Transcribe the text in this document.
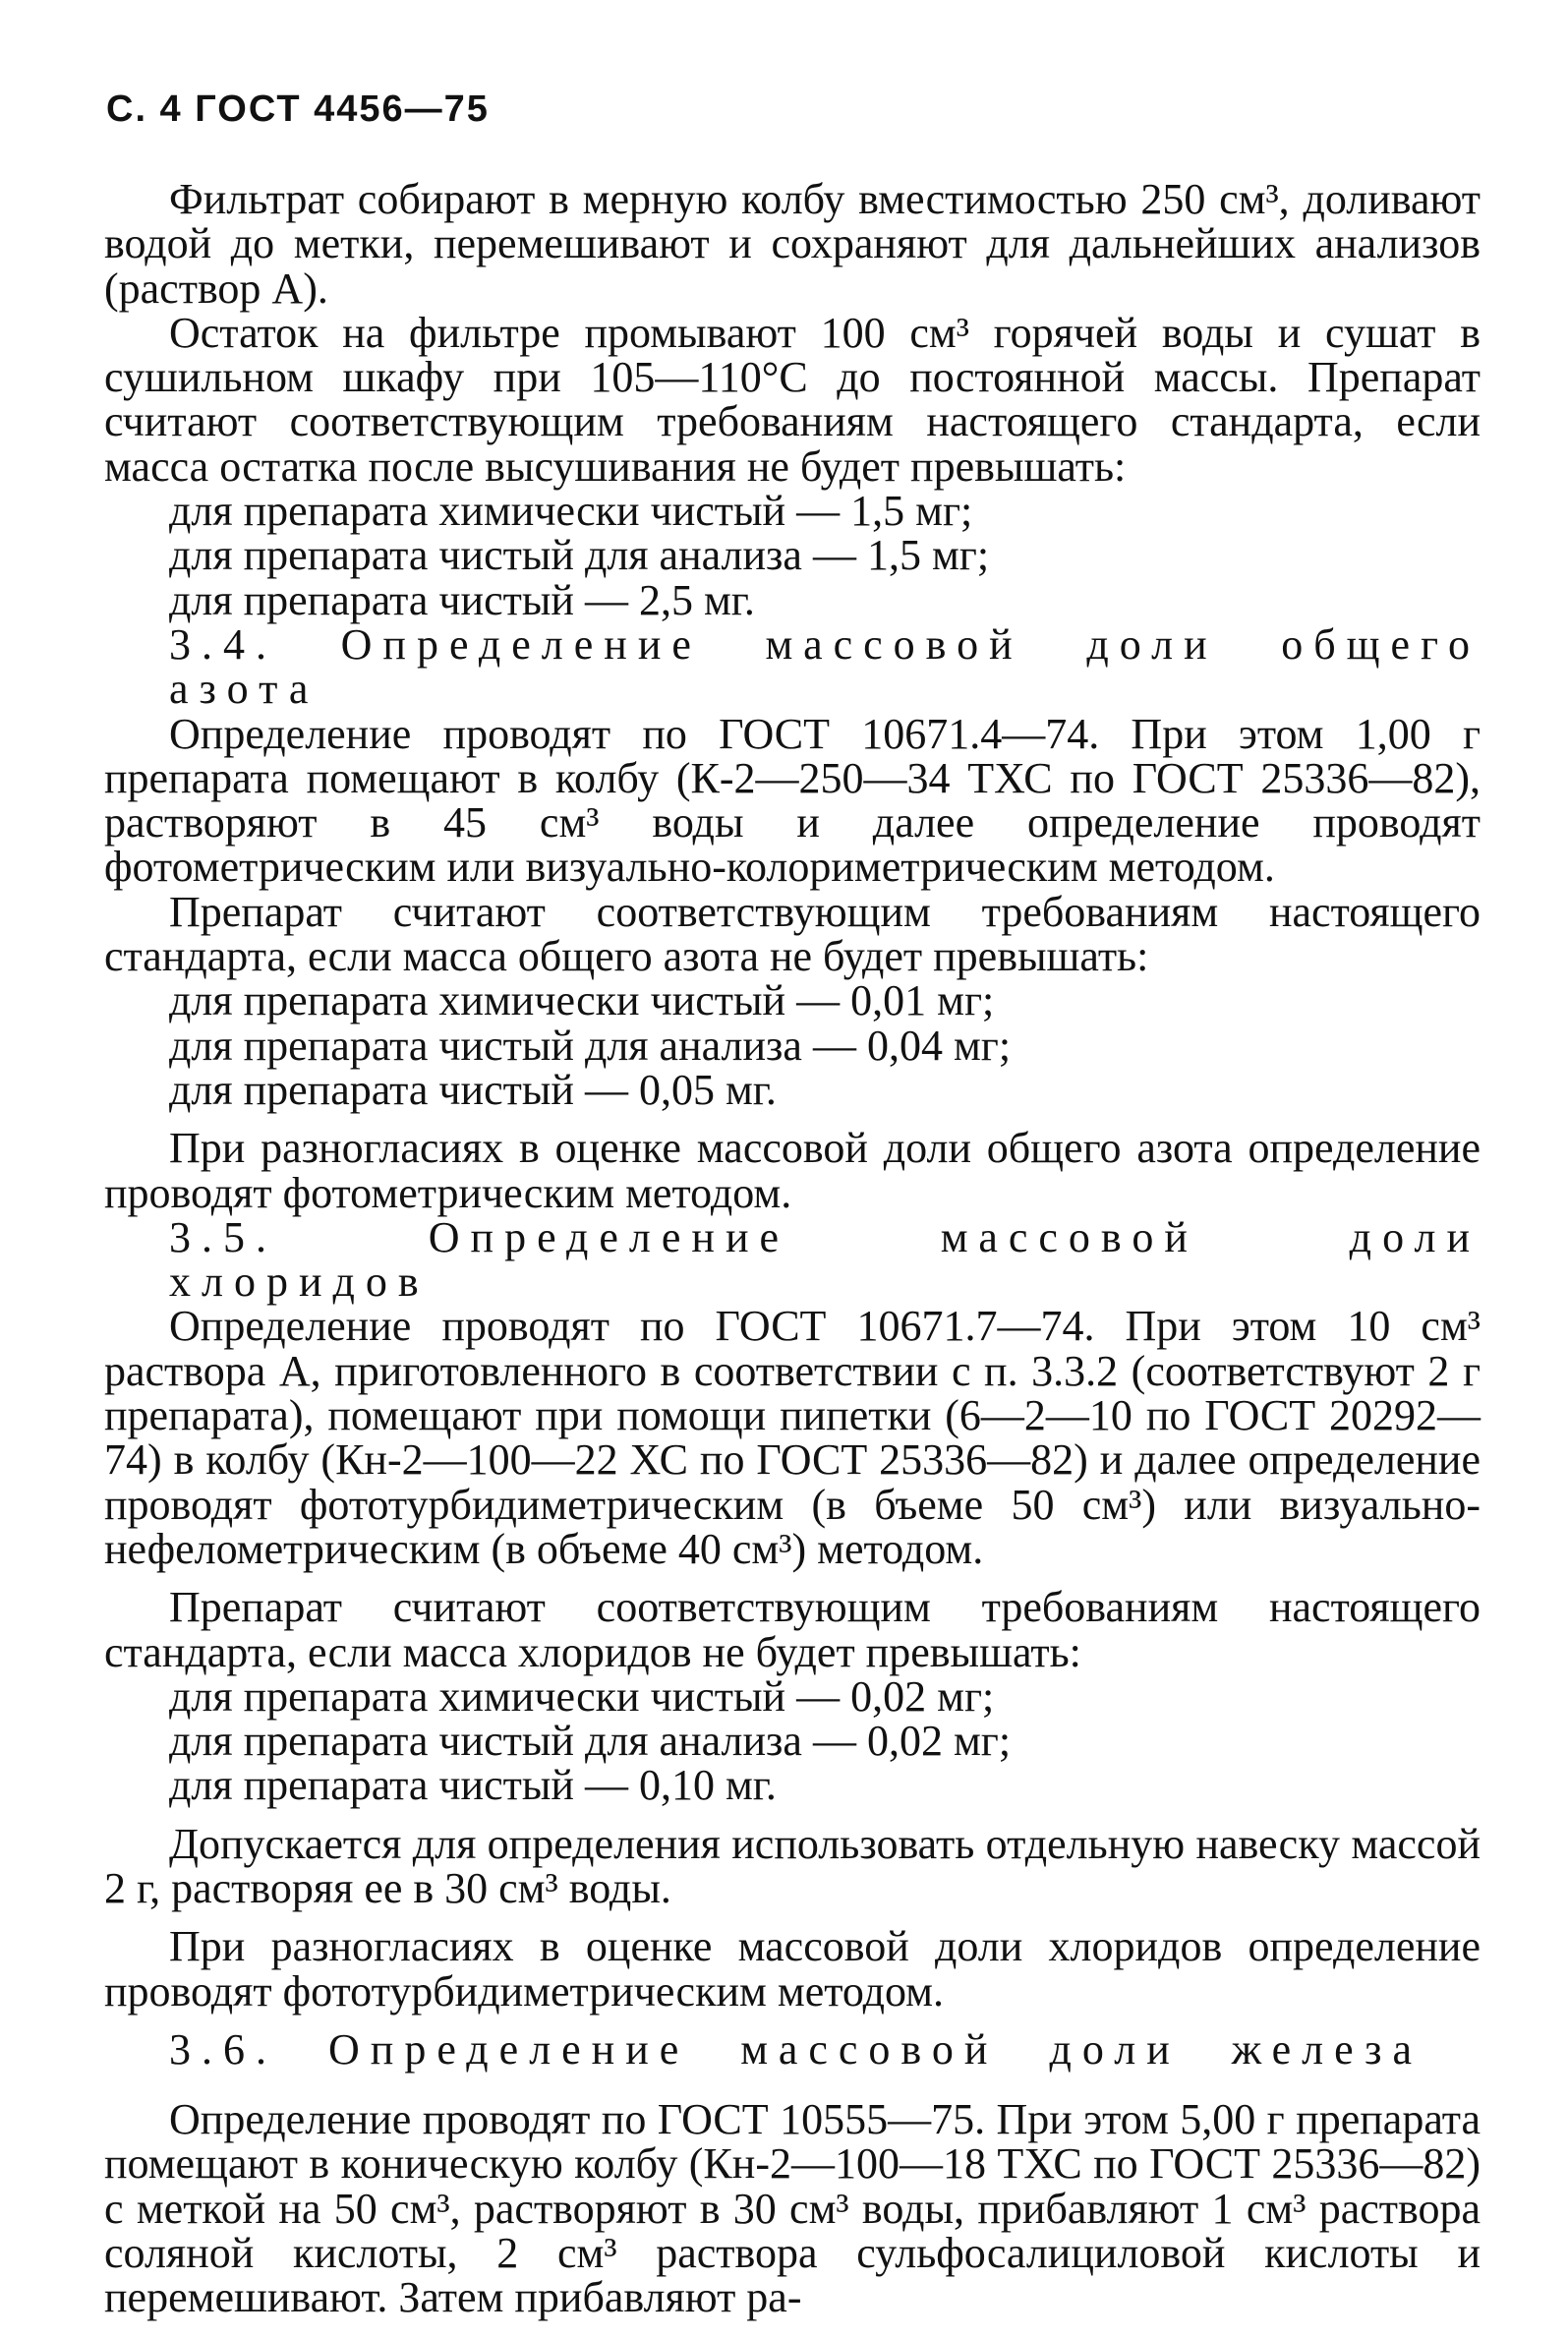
С. 4 ГОСТ 4456—75

Фильтрат собирают в мерную колбу вместимостью 250 см³, доливают водой до метки, перемешивают и сохраняют для дальнейших анализов (раствор А).

Остаток на фильтре промывают 100 см³ горячей воды и сушат в сушильном шкафу при 105—110°С до постоянной массы. Препарат считают соответствующим требованиям настоящего стандарта, если масса остатка после высушивания не будет превышать:

для препарата химически чистый — 1,5 мг;

для препарата чистый для анализа — 1,5 мг;

для препарата чистый — 2,5 мг.

3.4. Определение массовой доли общего азота

Определение проводят по ГОСТ 10671.4—74. При этом 1,00 г препарата помещают в колбу (К-2—250—34 ТХС по ГОСТ 25336—82), растворяют в 45 см³ воды и далее определение проводят фотометрическим или визуально-колориметрическим методом.

Препарат считают соответствующим требованиям настоящего стандарта, если масса общего азота не будет превышать:

для препарата химически чистый — 0,01 мг;

для препарата чистый для анализа — 0,04 мг;

для препарата чистый — 0,05 мг.

При разногласиях в оценке массовой доли общего азота определение проводят фотометрическим методом.

3.5. Определение массовой доли хлоридов

Определение проводят по ГОСТ 10671.7—74. При этом 10 см³ раствора А, приготовленного в соответствии с п. 3.3.2 (соответствуют 2 г препарата), помещают при помощи пипетки (6—2—10 по ГОСТ 20292—74) в колбу (Кн-2—100—22 ХС по ГОСТ 25336—82) и далее определение проводят фототурбидиметрическим (в бъеме 50 см³) или визуально-нефелометрическим (в объеме 40 см³) методом.

Препарат считают соответствующим требованиям настоящего стандарта, если масса хлоридов не будет превышать:

для препарата химически чистый — 0,02 мг;

для препарата чистый для анализа — 0,02 мг;

для препарата чистый — 0,10 мг.

Допускается для определения использовать отдельную навеску массой 2 г, растворяя ее в 30 см³ воды.

При разногласиях в оценке массовой доли хлоридов определение проводят фототурбидиметрическим методом.

3.6. Определение массовой доли железа

Определение проводят по ГОСТ 10555—75. При этом 5,00 г препарата помещают в коническую колбу (Кн-2—100—18 ТХС по ГОСТ 25336—82) с меткой на 50 см³, растворяют в 30 см³ воды, прибавляют 1 см³ раствора соляной кислоты, 2 см³ раствора сульфосалициловой кислоты и перемешивают. Затем прибавляют ра-
